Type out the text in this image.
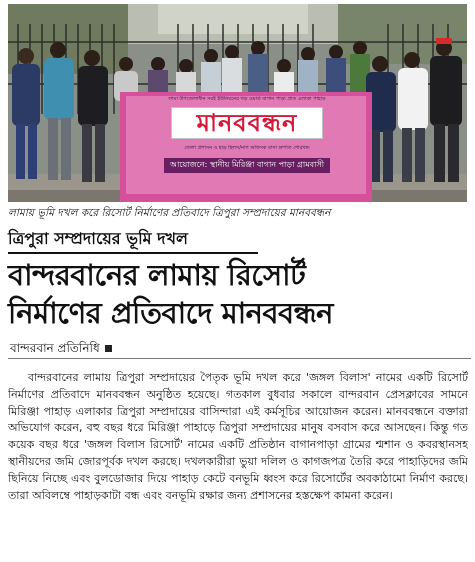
লামা উপজেলাধীন সরই ইউনিয়নের খড় ওয়ার্ড বাগান পাড়া প্রাক এলাকা পাহাড়
মানববন্ধন
জেলা প্রশাসন ও হাড় হিলস/নাগ অফিসক বাসা দ্রুপতি শোরখন্ড
আয়োজনে: স্থানীয় মিরিঞ্জা বাগান পাড়া গ্রামবাসী
লামায় ভূমি দখল করে রিসোর্ট নির্মাণের প্রতিবাদে ত্রিপুরা সম্প্রদায়ের মানববন্ধন
ত্রিপুরা সম্প্রদায়ের ভূমি দখল
বান্দরবানের লামায় রিসোর্ট
নির্মাণের প্রতিবাদে মানববন্ধন
বান্দরবান প্রতিনিধি

বান্দরবানের লামায় ত্রিপুরা সম্প্রদায়ের পৈতৃক ভূমি দখল করে 'জঙ্গল বিলাস' নামের একটি রিসোর্ট নির্মাণের প্রতিবাদে মানববন্ধন অনুষ্ঠিত হয়েছে। গতকাল বুধবার সকালে বান্দরবান প্রেসক্লাবের সামনে মিরিঞ্জা পাহাড় এলাকার ত্রিপুরা সম্প্রদায়ের বাসিন্দারা এই কর্মসূচির আয়োজন করেন। মানববন্ধনে বক্তারা অভিযোগ করেন, বহু বছর ধরে মিরিঞ্জা পাহাড়ে ত্রিপুরা সম্প্রদায়ের মানুষ বসবাস করে আসছেন। কিন্তু গত কয়েক বছর ধরে 'জঙ্গল বিলাস রিসোর্ট' নামের একটি প্রতিষ্ঠান বাগানপাড়া গ্রামের শ্মশান ও কবরস্থানসহ স্থানীয়দের জমি জোরপূর্বক দখল করছে। দখলকারীরা ভুয়া দলিল ও কাগজপত্র তৈরি করে পাহাড়িদের জমি ছিনিয়ে নিচ্ছে এবং বুলডোজার দিয়ে পাহাড় কেটে বনভূমি ধ্বংস করে রিসোর্টের অবকাঠামো নির্মাণ করছে। তারা অবিলম্বে পাহাড়কাটা বন্ধ এবং বনভূমি রক্ষার জন্য প্রশাসনের হস্তক্ষেপ কামনা করেন।
